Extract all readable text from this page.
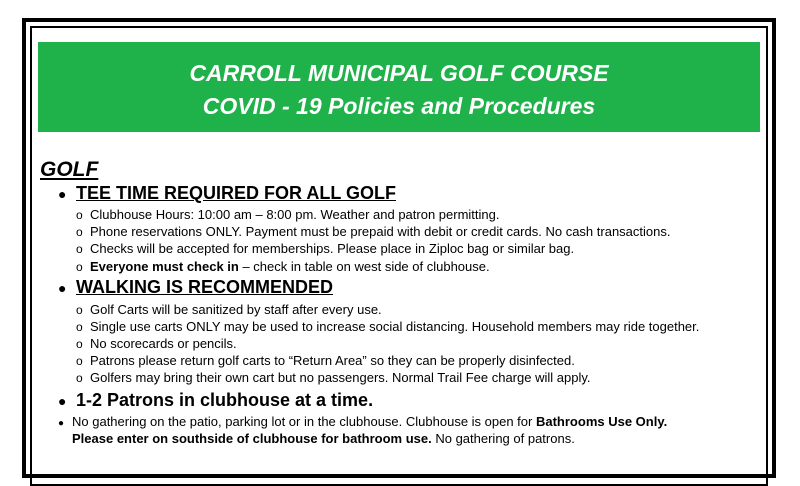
CARROLL MUNICIPAL GOLF COURSE
COVID - 19 Policies and Procedures
GOLF
● TEE TIME REQUIRED FOR ALL GOLF
o Clubhouse Hours: 10:00 am – 8:00 pm. Weather and patron permitting.
o Phone reservations ONLY. Payment must be prepaid with debit or credit cards. No cash transactions.
o Checks will be accepted for memberships. Please place in Ziploc bag or similar bag.
o Everyone must check in – check in table on west side of clubhouse.
● WALKING IS RECOMMENDED
o Golf Carts will be sanitized by staff after every use.
o Single use carts ONLY may be used to increase social distancing. Household members may ride together.
o No scorecards or pencils.
o Patrons please return golf carts to “Return Area” so they can be properly disinfected.
o Golfers may bring their own cart but no passengers. Normal Trail Fee charge will apply.
● 1-2 Patrons in clubhouse at a time.
● No gathering on the patio, parking lot or in the clubhouse. Clubhouse is open for Bathrooms Use Only.
Please enter on southside of clubhouse for bathroom use. No gathering of patrons.
